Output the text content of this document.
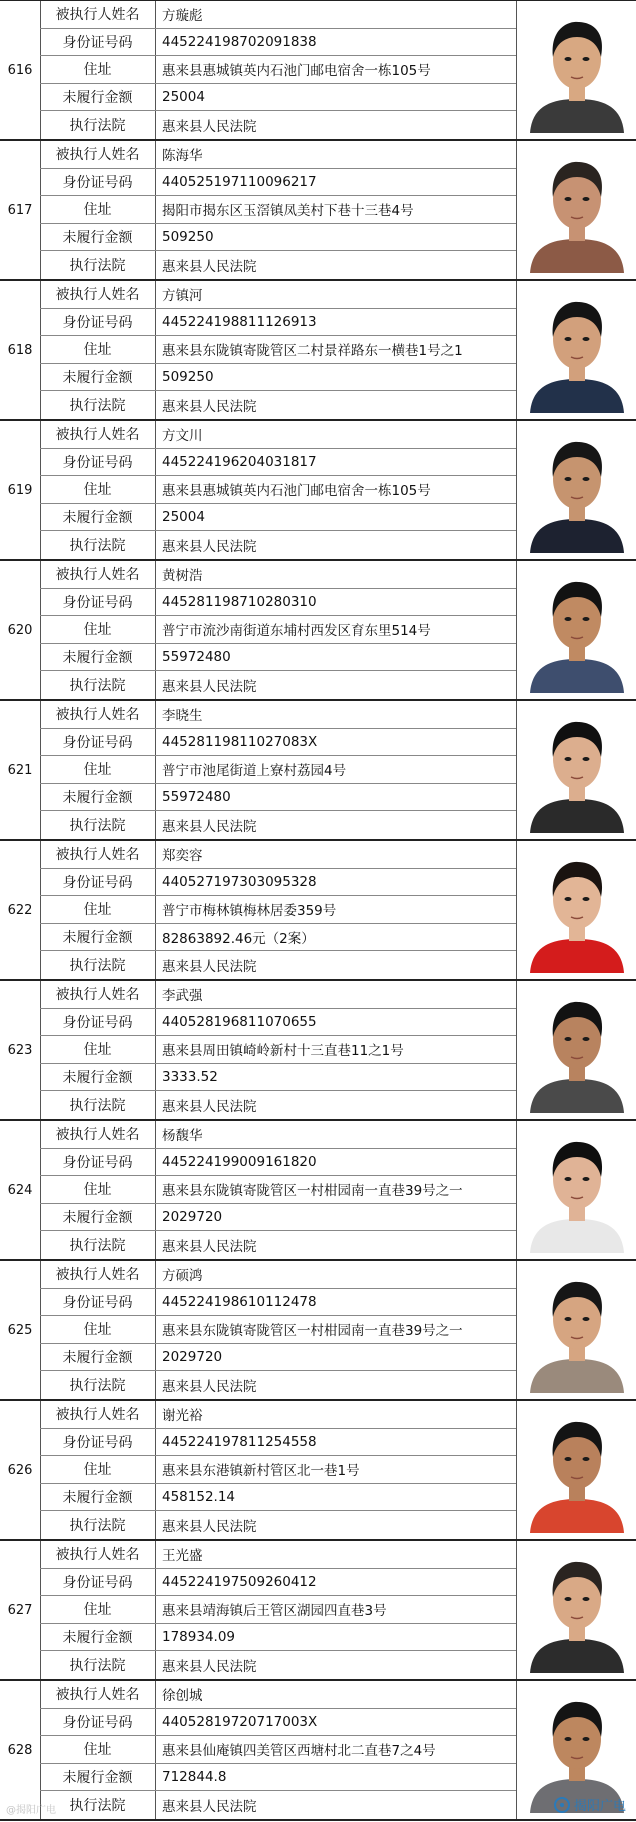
616
被执行人姓名	方璇彪
身份证号码	445224198702091838
住址	惠来县惠城镇英内石池门邮电宿舍一栋105号
未履行金额	25004
执行法院	惠来县人民法院
617
被执行人姓名	陈海华
身份证号码	440525197110096217
住址	揭阳市揭东区玉滘镇凤美村下巷十三巷4号
未履行金额	509250
执行法院	惠来县人民法院
618
被执行人姓名	方镇河
身份证号码	445224198811126913
住址	惠来县东陇镇寄陇管区二村景祥路东一横巷1号之1
未履行金额	509250
执行法院	惠来县人民法院
619
被执行人姓名	方文川
身份证号码	445224196204031817
住址	惠来县惠城镇英内石池门邮电宿舍一栋105号
未履行金额	25004
执行法院	惠来县人民法院
620
被执行人姓名	黄树浩
身份证号码	445281198710280310
住址	普宁市流沙南街道东埔村西发区育东里514号
未履行金额	55972480
执行法院	惠来县人民法院
621
被执行人姓名	李晓生
身份证号码	44528119811027083X
住址	普宁市池尾街道上寮村荔园4号
未履行金额	55972480
执行法院	惠来县人民法院
622
被执行人姓名	郑奕容
身份证号码	440527197303095328
住址	普宁市梅林镇梅林居委359号
未履行金额	82863892.46元（2案）
执行法院	惠来县人民法院
623
被执行人姓名	李武强
身份证号码	440528196811070655
住址	惠来县周田镇崎岭新村十三直巷11之1号
未履行金额	3333.52
执行法院	惠来县人民法院
624
被执行人姓名	杨馥华
身份证号码	445224199009161820
住址	惠来县东陇镇寄陇管区一村柑园南一直巷39号之一
未履行金额	2029720
执行法院	惠来县人民法院
625
被执行人姓名	方硕鸿
身份证号码	445224198610112478
住址	惠来县东陇镇寄陇管区一村柑园南一直巷39号之一
未履行金额	2029720
执行法院	惠来县人民法院
626
被执行人姓名	谢光裕
身份证号码	445224197811254558
住址	惠来县东港镇新村管区北一巷1号
未履行金额	458152.14
执行法院	惠来县人民法院
627
被执行人姓名	王光盛
身份证号码	445224197509260412
住址	惠来县靖海镇后王管区湖园四直巷3号
未履行金额	178934.09
执行法院	惠来县人民法院
628
被执行人姓名	徐创城
身份证号码	44052819720717003X
住址	惠来县仙庵镇四美管区西塘村北二直巷7之4号
未履行金额	712844.8
执行法院	惠来县人民法院	揭阳广电
@揭阳广电
